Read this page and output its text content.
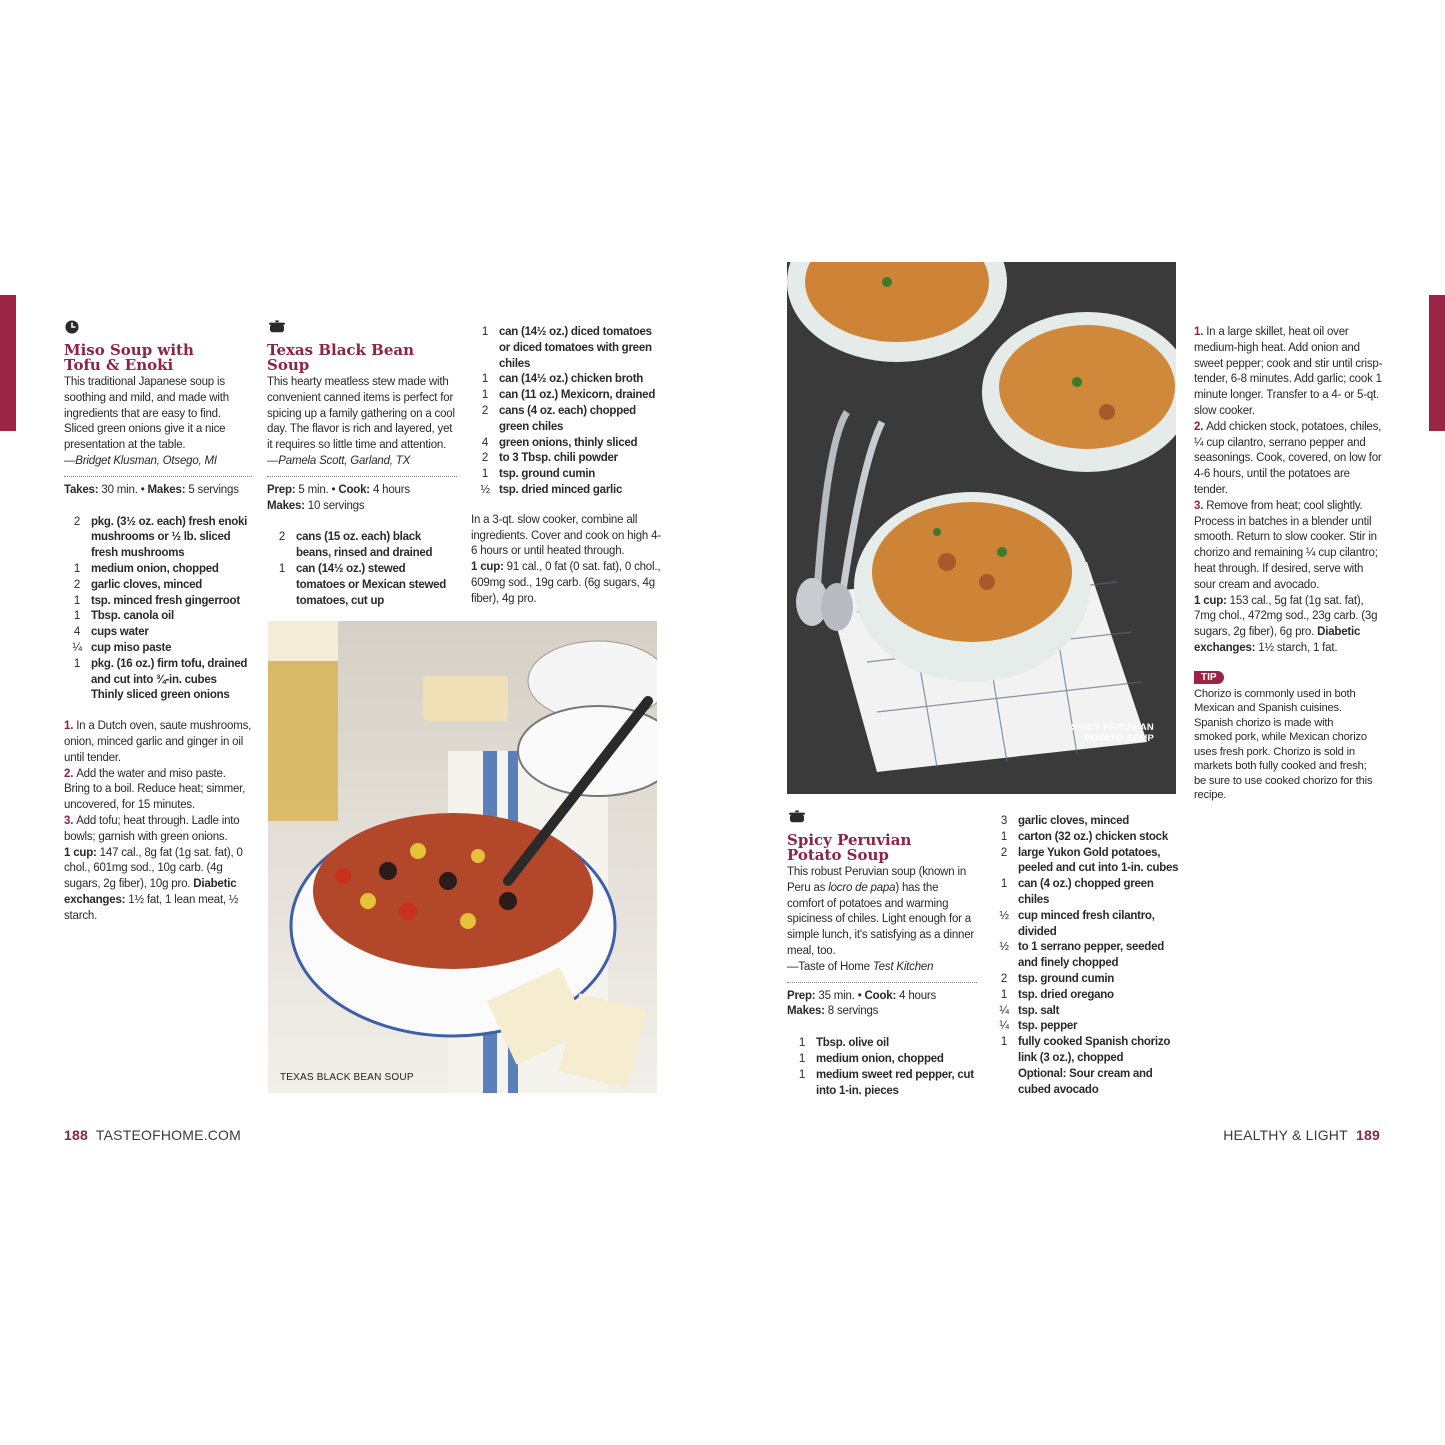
Miso Soup with
Tofu & Enoki

This traditional Japanese soup is soothing and mild, and made with ingredients that are easy to find. Sliced green onions give it a nice presentation at the table.

—Bridget Klusman, Otsego, MI

Takes: 30 min. • Makes: 5 servings

2 pkg. (3½ oz. each) fresh enoki mushrooms or ½ lb. sliced fresh mushrooms
1 medium onion, chopped
2 garlic cloves, minced
1 tsp. minced fresh gingerroot
1 Tbsp. canola oil
4 cups water
¼ cup miso paste
1 pkg. (16 oz.) firm tofu, drained and cut into ¾-in. cubes
Thinly sliced green onions
1. In a Dutch oven, saute mushrooms, onion, minced garlic and ginger in oil until tender.
2. Add the water and miso paste. Bring to a boil. Reduce heat; simmer, uncovered, for 15 minutes.
3. Add tofu; heat through. Ladle into bowls; garnish with green onions.
1 cup: 147 cal., 8g fat (1g sat. fat), 0 chol., 601mg sod., 10g carb. (4g sugars, 2g fiber), 10g pro. Diabetic exchanges: 1½ fat, 1 lean meat, ½ starch.
Texas Black Bean Soup

This hearty meatless stew made with convenient canned items is perfect for spicing up a family gathering on a cool day. The flavor is rich and layered, yet it requires so little time and attention.

—Pamela Scott, Garland, TX

Prep: 5 min. • Cook: 4 hours
Makes: 10 servings

2 cans (15 oz. each) black beans, rinsed and drained
1 can (14½ oz.) stewed tomatoes or Mexican stewed tomatoes, cut up
1 can (14½ oz.) diced tomatoes or diced tomatoes with green chiles
1 can (14½ oz.) chicken broth
1 can (11 oz.) Mexicorn, drained
2 cans (4 oz. each) chopped green chiles
4 green onions, thinly sliced
2 to 3 Tbsp. chili powder
1 tsp. ground cumin
½ tsp. dried minced garlic

In a 3-qt. slow cooker, combine all ingredients. Cover and cook on high 4-6 hours or until heated through.

1 cup: 91 cal., 0 fat (0 sat. fat), 0 chol., 609mg sod., 19g carb. (6g sugars, 4g fiber), 4g pro.

TEXAS BLACK BEAN SOUP
188 TASTEOFHOME.COM
SPICY PERUVIAN
POTATO SOUP
Spicy Peruvian
Potato Soup

This robust Peruvian soup (known in Peru as locro de papa) has the comfort of potatoes and warming spiciness of chiles. Light enough for a simple lunch, it's satisfying as a dinner meal, too.

—Taste of Home Test Kitchen

Prep: 35 min. • Cook: 4 hours
Makes: 8 servings

1 Tbsp. olive oil
1 medium onion, chopped
1 medium sweet red pepper, cut into 1-in. pieces
3 garlic cloves, minced
1 carton (32 oz.) chicken stock
2 large Yukon Gold potatoes, peeled and cut into 1-in. cubes
1 can (4 oz.) chopped green chiles
½ cup minced fresh cilantro, divided
½ to 1 serrano pepper, seeded and finely chopped
2 tsp. ground cumin
1 tsp. dried oregano
¼ tsp. salt
¼ tsp. pepper
1 fully cooked Spanish chorizo link (3 oz.), chopped
Optional: Sour cream and cubed avocado
1. In a large skillet, heat oil over medium-high heat. Add onion and sweet pepper; cook and stir until crisp-tender, 6-8 minutes. Add garlic; cook 1 minute longer. Transfer to a 4- or 5-qt. slow cooker.
2. Add chicken stock, potatoes, chiles, ¼ cup cilantro, serrano pepper and seasonings. Cook, covered, on low for 4-6 hours, until the potatoes are tender.
3. Remove from heat; cool slightly. Process in batches in a blender until smooth. Return to slow cooker. Stir in chorizo and remaining ¼ cup cilantro; heat through. If desired, serve with sour cream and avocado.
1 cup: 153 cal., 5g fat (1g sat. fat), 7mg chol., 472mg sod., 23g carb. (3g sugars, 2g fiber), 6g pro. Diabetic exchanges: 1½ starch, 1 fat.
TIP

Chorizo is commonly used in both Mexican and Spanish cuisines. Spanish chorizo is made with smoked pork, while Mexican chorizo uses fresh pork. Chorizo is sold in markets both fully cooked and fresh; be sure to use cooked chorizo for this recipe.

HEALTHY & LIGHT 189
